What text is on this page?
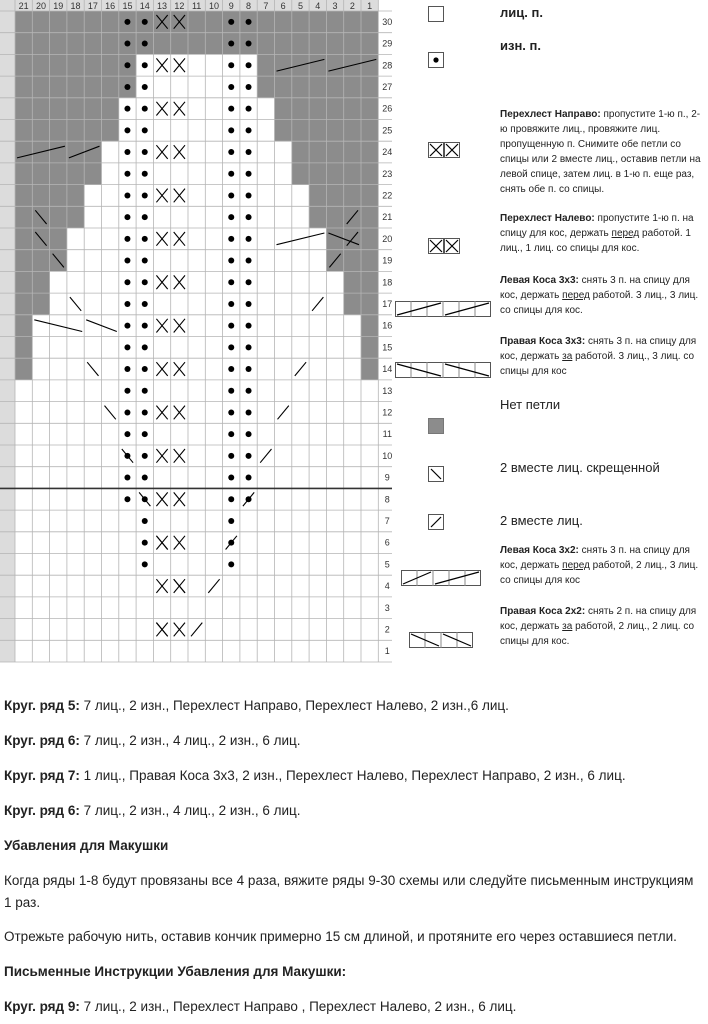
21 20 19 18 17 16 15 14 13 12 11 10 9 8 7 6 5 4 3 2 1
30
29
28
27
26
25
24
23
22
21
20
19
18
17
16
15
14
13
12
11
10
9
8
7
6
5
4
3
2
1
лиц. п.
изн. п.
Перехлест Направо: пропустите 1-ю п., 2-ю провяжите лиц., провяжите лиц. пропущенную п. Снимите обе петли со спицы или 2 вместе лиц., оставив петли на левой спице, затем лиц. в 1-ю п. еще раз, снять обе п. со спицы.
Перехлест Налево: пропустите 1-ю п. на спицу для кос, держать перед работой. 1 лиц., 1 лиц. со спицы для кос.
Левая Коса 3х3: снять 3 п. на спицу для кос, держать перед работой. 3 лиц., 3 лиц. со спицы для кос.
Правая Коса 3х3: снять 3 п. на спицу для кос, держать за работой. 3 лиц., 3 лиц. со спицы для кос
Нет петли
2 вместе лиц. скрещенной
2 вместе лиц.
Левая Коса 3х2: снять 3 п. на спицу для кос, держать перед работой, 2 лиц., 3 лиц. со спицы для кос
Правая Коса 2х2: снять 2 п. на спицу для кос, держать за работой, 2 лиц., 2 лиц. со спицы для кос.

Круг. ряд 5: 7 лиц., 2 изн., Перехлест Направо, Перехлест Налево, 2 изн.,6 лиц.

Круг. ряд 6: 7 лиц., 2 изн., 4 лиц., 2 изн., 6 лиц.

Круг. ряд 7: 1 лиц., Правая Коса 3х3, 2 изн., Перехлест Налево, Перехлест Направо, 2 изн., 6 лиц.

Круг. ряд 6: 7 лиц., 2 изн., 4 лиц., 2 изн., 6 лиц.

Убавления для Макушки

Когда ряды 1-8 будут провязаны все 4 раза, вяжите ряды 9-30 схемы или следуйте письменным инструкциям 1 раз.

Отрежьте рабочую нить, оставив кончик примерно 15 см длиной, и протяните его через оставшиеся петли.

Письменные Инструкции Убавления для Макушки:

Круг. ряд 9: 7 лиц., 2 изн., Перехлест Направо , Перехлест Налево, 2 изн., 6 лиц.
